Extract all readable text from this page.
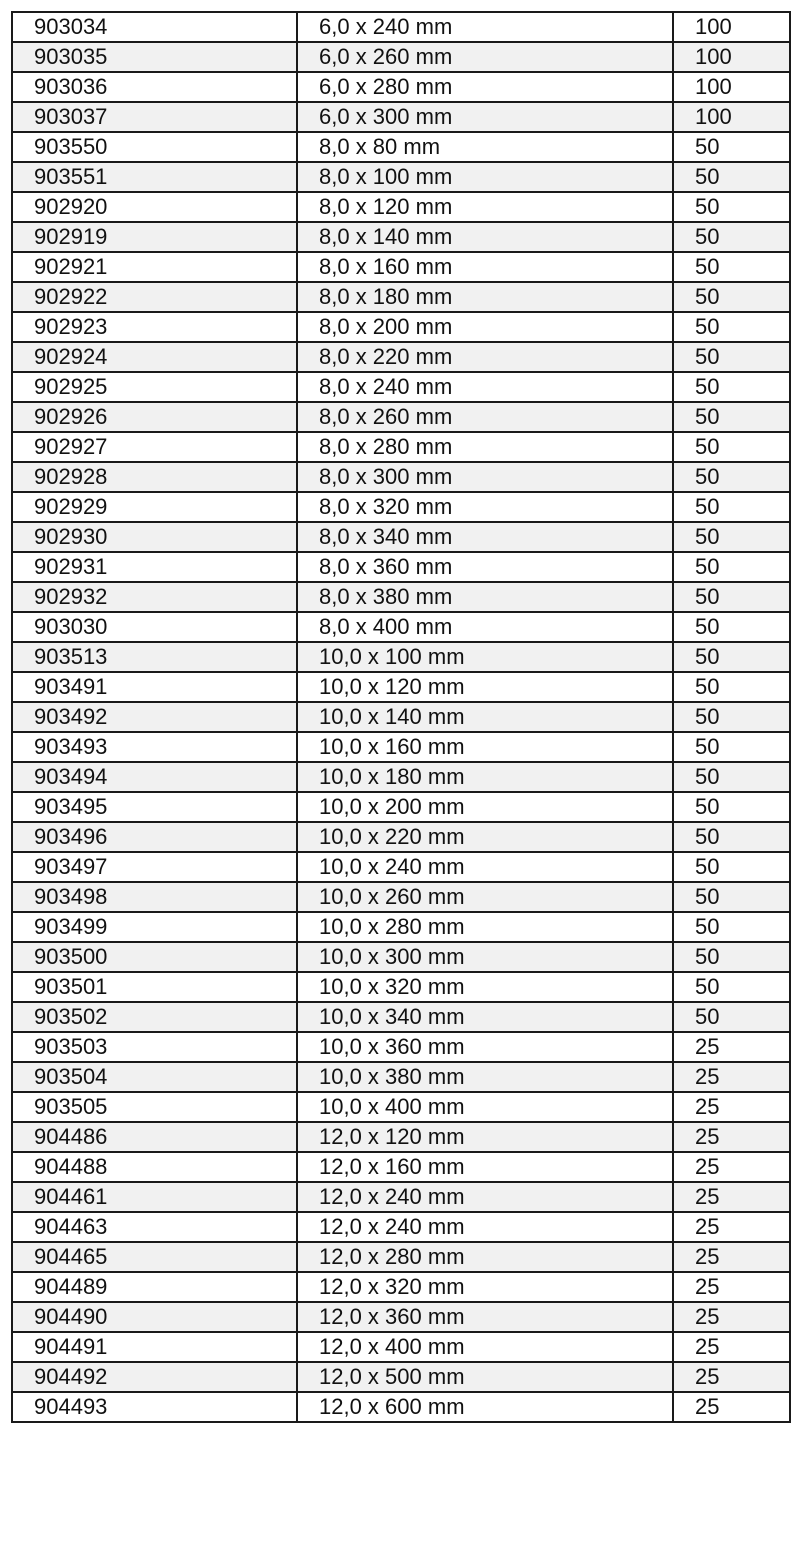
903034	6,0 x 240 mm	100
903035	6,0 x 260 mm	100
903036	6,0 x 280 mm	100
903037	6,0 x 300 mm	100
903550	8,0 x 80 mm	50
903551	8,0 x 100 mm	50
902920	8,0 x 120 mm	50
902919	8,0 x 140 mm	50
902921	8,0 x 160 mm	50
902922	8,0 x 180 mm	50
902923	8,0 x 200 mm	50
902924	8,0 x 220 mm	50
902925	8,0 x 240 mm	50
902926	8,0 x 260 mm	50
902927	8,0 x 280 mm	50
902928	8,0 x 300 mm	50
902929	8,0 x 320 mm	50
902930	8,0 x 340 mm	50
902931	8,0 x 360 mm	50
902932	8,0 x 380 mm	50
903030	8,0 x 400 mm	50
903513	10,0 x 100 mm	50
903491	10,0 x 120 mm	50
903492	10,0 x 140 mm	50
903493	10,0 x 160 mm	50
903494	10,0 x 180 mm	50
903495	10,0 x 200 mm	50
903496	10,0 x 220 mm	50
903497	10,0 x 240 mm	50
903498	10,0 x 260 mm	50
903499	10,0 x 280 mm	50
903500	10,0 x 300 mm	50
903501	10,0 x 320 mm	50
903502	10,0 x 340 mm	50
903503	10,0 x 360 mm	25
903504	10,0 x 380 mm	25
903505	10,0 x 400 mm	25
904486	12,0 x 120 mm	25
904488	12,0 x 160 mm	25
904461	12,0 x 240 mm	25
904463	12,0 x 240 mm	25
904465	12,0 x 280 mm	25
904489	12,0 x 320 mm	25
904490	12,0 x 360 mm	25
904491	12,0 x 400 mm	25
904492	12,0 x 500 mm	25
904493	12,0 x 600 mm	25
